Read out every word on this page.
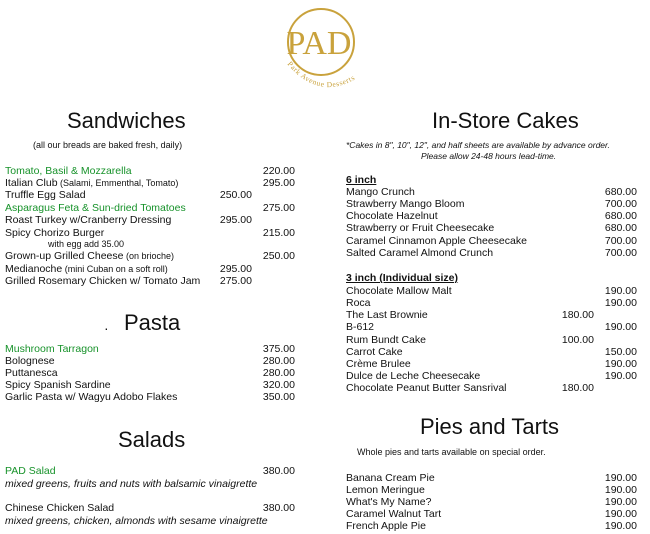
PAD
Park Avenue Desserts
Sandwiches
(all our breads are baked fresh, daily)
Tomato, Basil & Mozzarella	220.00
Italian Club (Salami, Emmenthal, Tomato)	295.00
Truffle Egg Salad	250.00
Asparagus Feta & Sun-dried Tomatoes	275.00
Roast Turkey w/Cranberry Dressing	295.00
Spicy Chorizo Burger	215.00
with egg add 35.00
Grown-up Grilled Cheese (on brioche)	250.00
Medianoche (mini Cuban on a soft roll)	295.00
Grilled Rosemary Chicken w/ Tomato Jam	275.00
· Pasta
Mushroom Tarragon	375.00
Bolognese	280.00
Puttanesca	280.00
Spicy Spanish Sardine	320.00
Garlic Pasta w/ Wagyu Adobo Flakes	350.00
Salads
PAD Salad	380.00
mixed greens, fruits and nuts with balsamic vinaigrette
Chinese Chicken Salad	380.00
mixed greens, chicken, almonds with sesame vinaigrette
In-Store Cakes
*Cakes in 8", 10", 12", and half sheets are available by advance order.
Please allow 24-48 hours lead-time.
6 inch
Mango Crunch	680.00
Strawberry Mango Bloom	700.00
Chocolate Hazelnut	680.00
Strawberry or Fruit Cheesecake	680.00
Caramel Cinnamon Apple Cheesecake	700.00
Salted Caramel Almond Crunch	700.00
3 inch (Individual size)
Chocolate Mallow Malt	190.00
Roca	190.00
The Last Brownie	180.00
B-612	190.00
Rum Bundt Cake	100.00
Carrot Cake	150.00
Crème Brulee	190.00
Dulce de Leche Cheesecake	190.00
Chocolate Peanut Butter Sansrival	180.00
Pies and Tarts
Whole pies and tarts available on special order.
Banana Cream Pie	190.00
Lemon Meringue	190.00
What's My Name?	190.00
Caramel Walnut Tart	190.00
French Apple Pie	190.00
